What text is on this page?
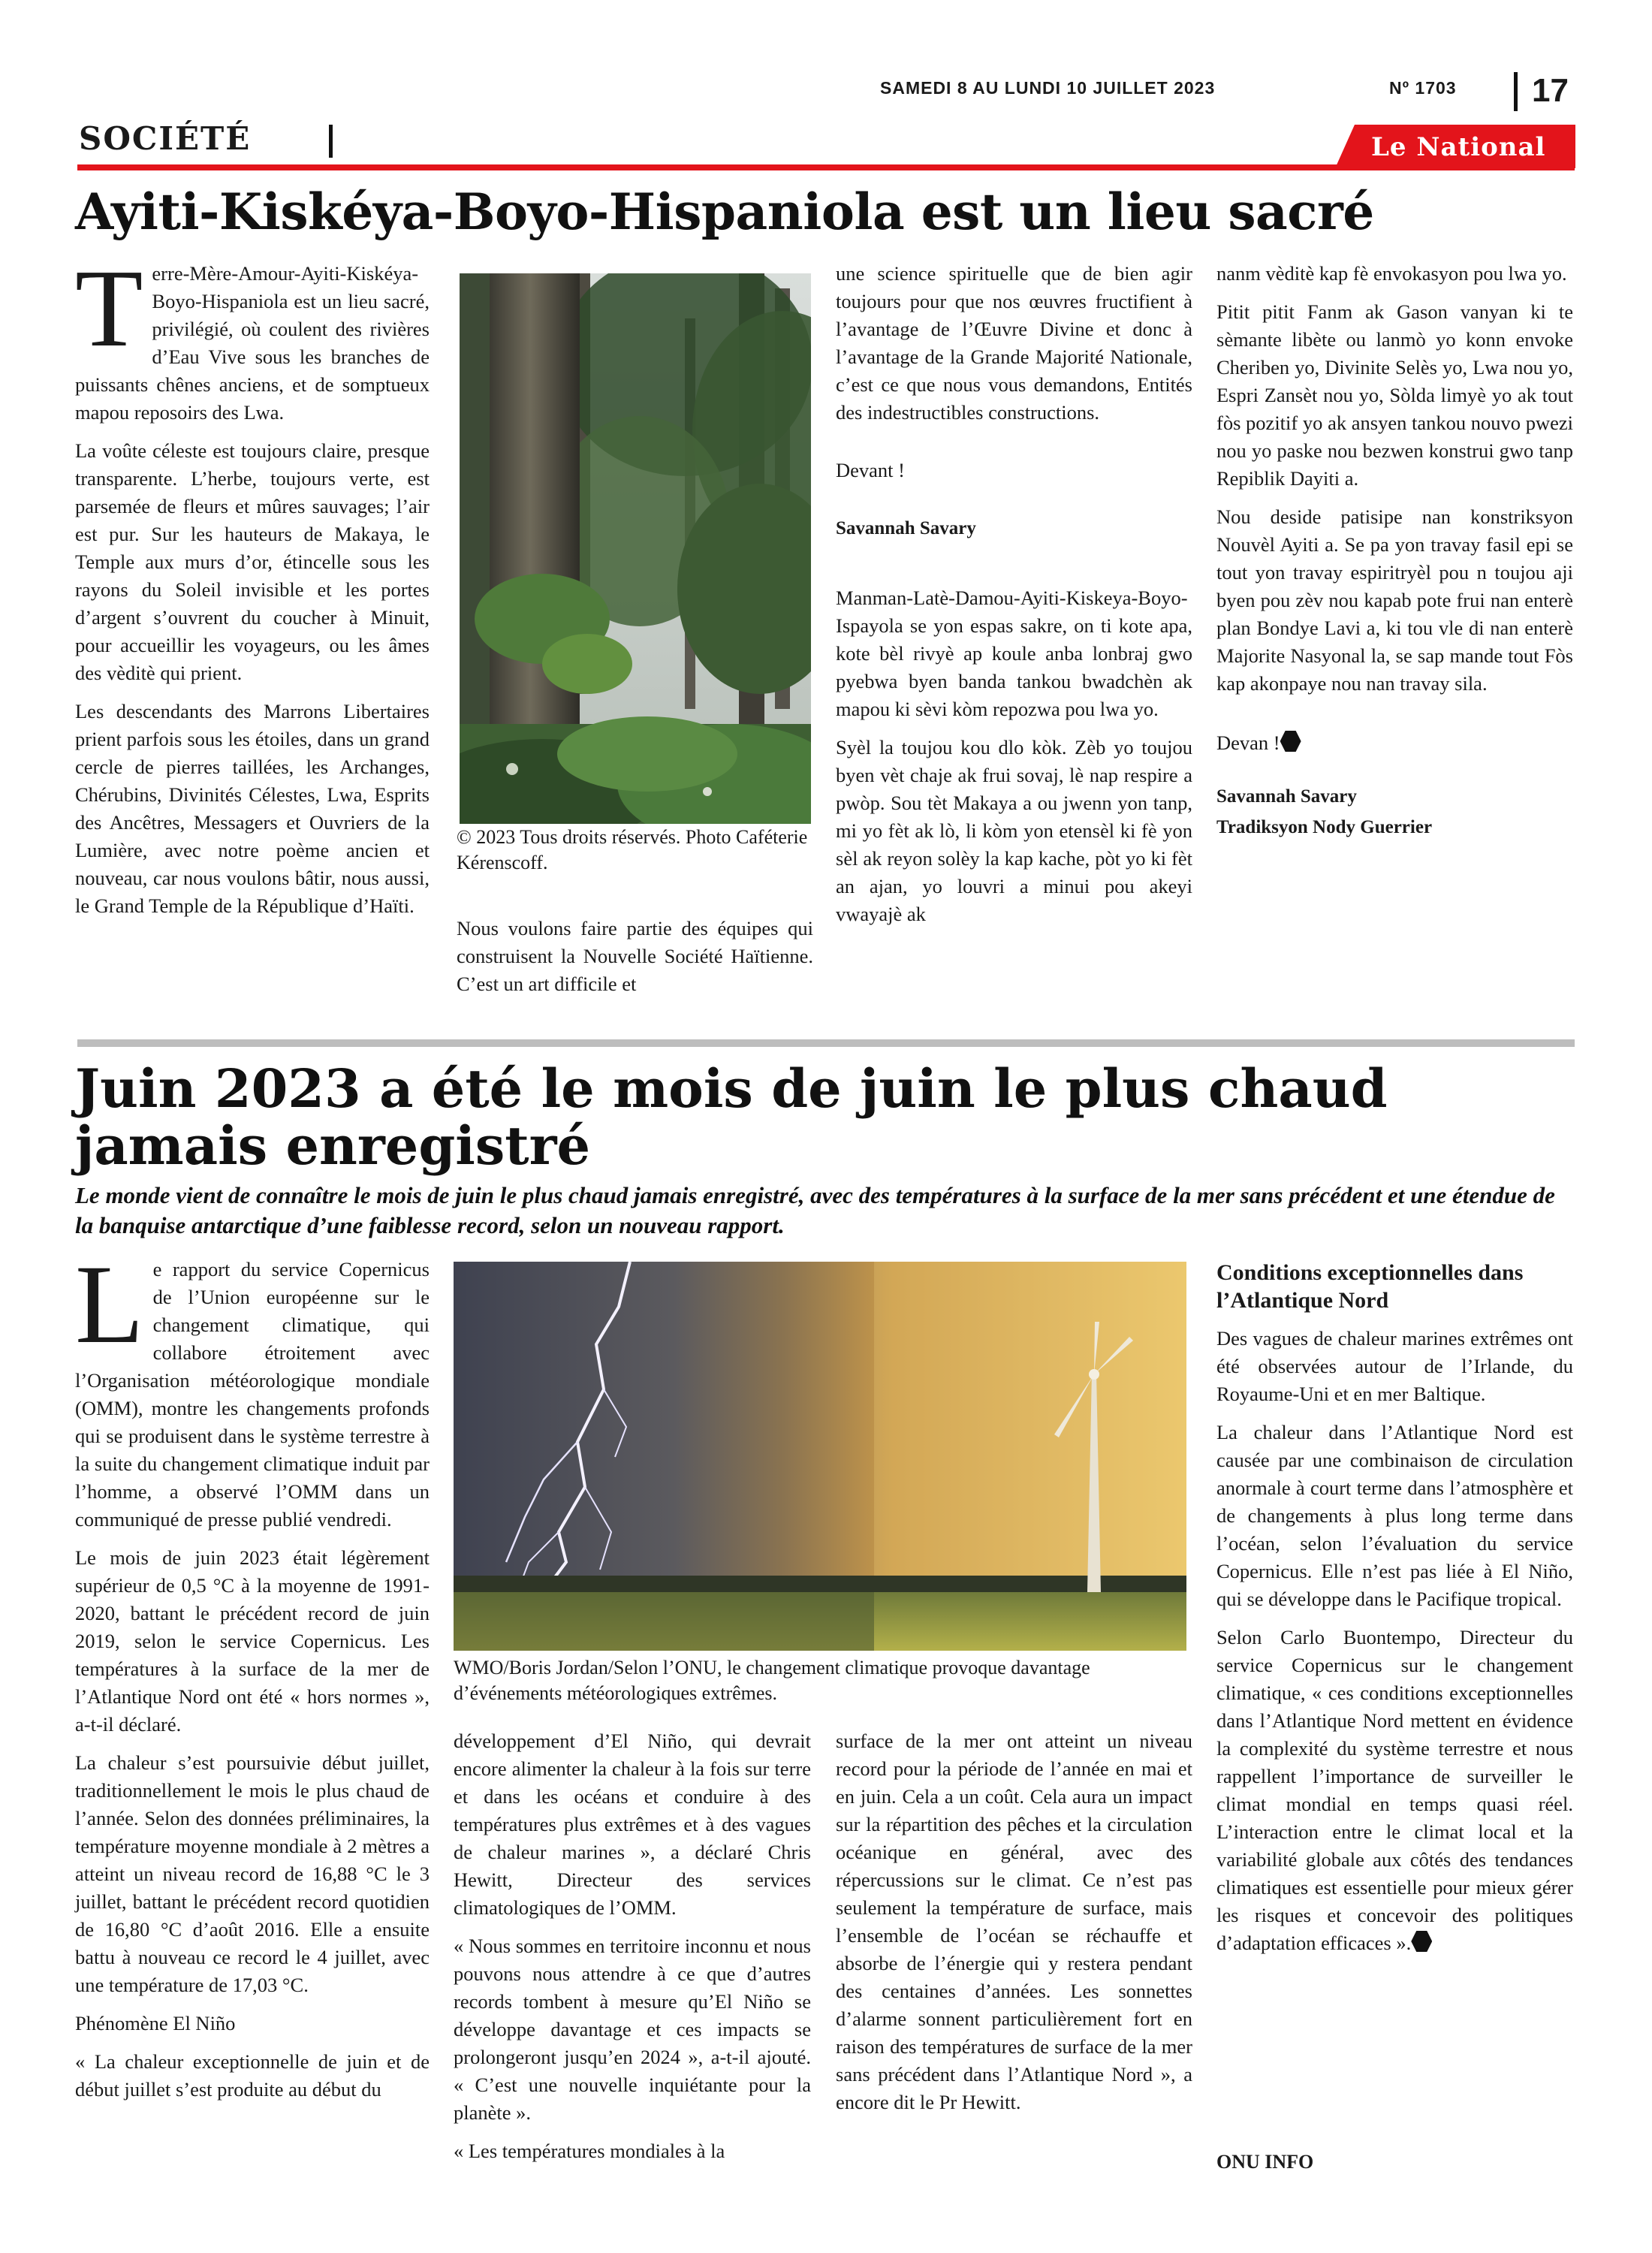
SAMEDI 8 AU LUNDI 10 JUILLET 2023	Nº 1703 17
SOCIÉTÉ	Le National
Ayiti-Kiskéya-Boyo-Hispaniola est un lieu sacré

Terre-Mère-Amour-Ayiti-Kiskéya-Boyo-Hispaniola est un lieu sacré, privilégié, où coulent des rivières d’Eau Vive sous les branches de puissants chênes anciens, et de somptueux mapou reposoirs des Lwa.

La voûte céleste est toujours claire, presque transparente. L’herbe, toujours verte, est parsemée de fleurs et mûres sauvages; l’air est pur. Sur les hauteurs de Makaya, le Temple aux murs d’or, étincelle sous les rayons du Soleil invisible et les portes d’argent s’ouvrent du coucher à Minuit, pour accueillir les voyageurs, ou les âmes des vèditè qui prient.

Les descendants des Marrons Libertaires prient parfois sous les étoiles, dans un grand cercle de pierres taillées, les Archanges, Chérubins, Divinités Célestes, Lwa, Esprits des Ancêtres, Messagers et Ouvriers de la Lumière, avec notre poème ancien et nouveau, car nous voulons bâtir, nous aussi, le Grand Temple de la République d’Haïti.

© 2023 Tous droits réservés. Photo Caféterie Kérenscoff.

Nous voulons faire partie des équipes qui construisent la Nouvelle Société Haïtienne. C’est un art difficile et

une science spirituelle que de bien agir toujours pour que nos œuvres fructifient à l’avantage de l’Œuvre Divine et donc à l’avantage de la Grande Majorité Nationale, c’est ce que nous vous demandons, Entités des indestructibles constructions.

Devant !

Savannah Savary

Manman-Latè-Damou-Ayiti-Kiskeya-Boyo-Ispayola se yon espas sakre, on ti kote apa, kote bèl rivyè ap koule anba lonbraj gwo pyebwa byen banda tankou bwadchèn ak mapou ki sèvi kòm repozwa pou lwa yo.

Syèl la toujou kou dlo kòk. Zèb yo toujou byen vèt chaje ak frui sovaj, lè nap respire a pwòp. Sou tèt Makaya a ou jwenn yon tanp, mi yo fèt ak lò, li kòm yon etensèl ki fè yon sèl ak reyon solèy la kap kache, pòt yo ki fèt an ajan, yo louvri a minui pou akeyi vwayajè ak

nanm vèditè kap fè envokasyon pou lwa yo.

Pitit pitit Fanm ak Gason vanyan ki te sèmante libète ou lanmò yo konn envoke Cheriben yo, Divinite Selès yo, Lwa nou yo, Espri Zansèt nou yo, Sòlda limyè yo ak tout fòs pozitif yo ak ansyen tankou nouvo pwezi nou yo paske nou bezwen konstrui gwo tanp Repiblik Dayiti a.

Nou deside patisipe nan konstriksyon Nouvèl Ayiti a. Se pa yon travay fasil epi se tout yon travay espiritryèl pou n toujou aji byen pou zèv nou kapab pote frui nan enterè plan Bondye Lavi a, ki tou vle di nan enterè Majorite Nasyonal la, se sap mande tout Fòs kap akonpaye nou nan travay sila.

Devan !

Savannah Savary

Tradiksyon Nody Guerrier

Juin 2023 a été le mois de juin le plus chaud jamais enregistré
Le monde vient de connaître le mois de juin le plus chaud jamais enregistré, avec des températures à la surface de la mer sans précédent et une étendue de la banquise antarctique d’une faiblesse record, selon un nouveau rapport.

Le rapport du service Copernicus de l’Union européenne sur le changement climatique, qui collabore étroitement avec l’Organisation météorologique mondiale (OMM), montre les changements profonds qui se produisent dans le système terrestre à la suite du changement climatique induit par l’homme, a observé l’OMM dans un communiqué de presse publié vendredi.

Le mois de juin 2023 était légèrement supérieur de 0,5 °C à la moyenne de 1991-2020, battant le précédent record de juin 2019, selon le service Copernicus. Les températures à la surface de la mer de l’Atlantique Nord ont été « hors normes », a-t-il déclaré.

La chaleur s’est poursuivie début juillet, traditionnellement le mois le plus chaud de l’année. Selon des données préliminaires, la température moyenne mondiale à 2 mètres a atteint un niveau record de 16,88 °C le 3 juillet, battant le précédent record quotidien de 16,80 °C d’août 2016. Elle a ensuite battu à nouveau ce record le 4 juillet, avec une température de 17,03 °C.

Phénomène El Niño

« La chaleur exceptionnelle de juin et de début juillet s’est produite au début du

WMO/Boris Jordan/Selon l’ONU, le changement climatique provoque davantage d’événements météorologiques extrêmes.

développement d’El Niño, qui devrait encore alimenter la chaleur à la fois sur terre et dans les océans et conduire à des températures plus extrêmes et à des vagues de chaleur marines », a déclaré Chris Hewitt, Directeur des services climatologiques de l’OMM.

« Nous sommes en territoire inconnu et nous pouvons nous attendre à ce que d’autres records tombent à mesure qu’El Niño se développe davantage et ces impacts se prolongeront jusqu’en 2024 », a-t-il ajouté. « C’est une nouvelle inquiétante pour la planète ».

« Les températures mondiales à la

surface de la mer ont atteint un niveau record pour la période de l’année en mai et en juin. Cela a un coût. Cela aura un impact sur la répartition des pêches et la circulation océanique en général, avec des répercussions sur le climat. Ce n’est pas seulement la température de surface, mais l’ensemble de l’océan se réchauffe et absorbe de l’énergie qui y restera pendant des centaines d’années. Les sonnettes d’alarme sonnent particulièrement fort en raison des températures de surface de la mer sans précédent dans l’Atlantique Nord », a encore dit le Pr Hewitt.

Conditions exceptionnelles dans l’Atlantique Nord

Des vagues de chaleur marines extrêmes ont été observées autour de l’Irlande, du Royaume-Uni et en mer Baltique.

La chaleur dans l’Atlantique Nord est causée par une combinaison de circulation anormale à court terme dans l’atmosphère et de changements à plus long terme dans l’océan, selon l’évaluation du service Copernicus. Elle n’est pas liée à El Niño, qui se développe dans le Pacifique tropical.

Selon Carlo Buontempo, Directeur du service Copernicus sur le changement climatique, « ces conditions exceptionnelles dans l’Atlantique Nord mettent en évidence la complexité du système terrestre et nous rappellent l’importance de surveiller le climat mondial en temps quasi réel. L’interaction entre le climat local et la variabilité globale aux côtés des tendances climatiques est essentielle pour mieux gérer les risques et concevoir des politiques d’adaptation efficaces ».

ONU INFO
